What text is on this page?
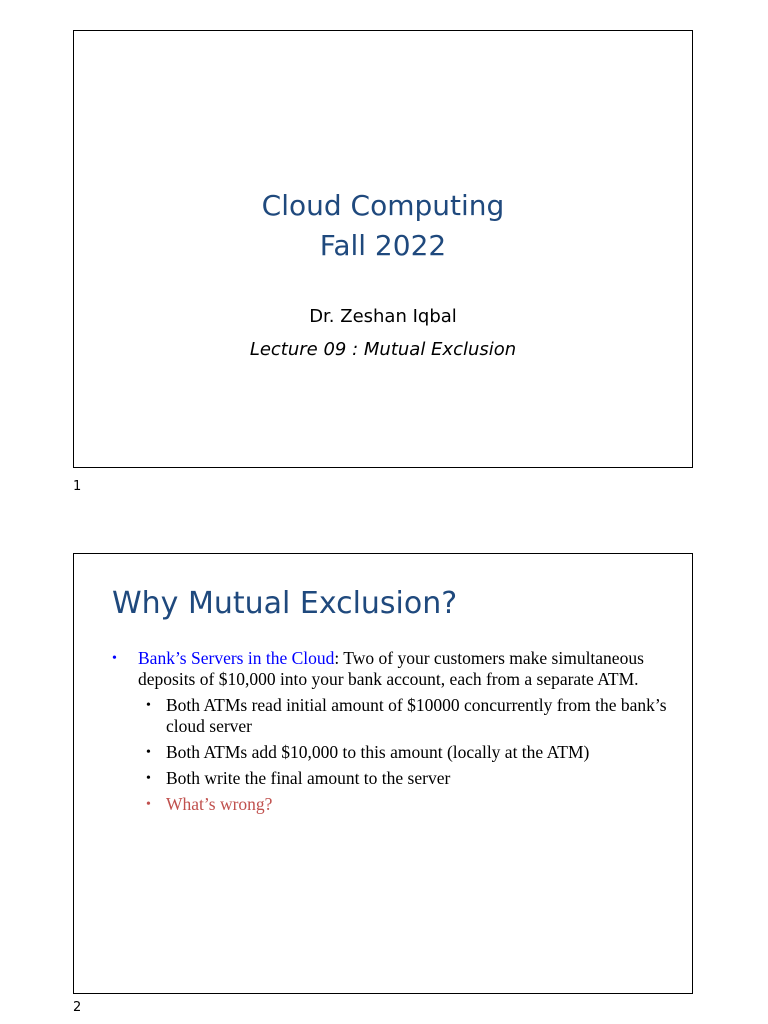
Cloud Computing
Fall 2022
Dr. Zeshan Iqbal
Lecture 09 : Mutual Exclusion
1
Why Mutual Exclusion?
•	Bank’s Servers in the Cloud: Two of your customers make simultaneous deposits of $10,000 into your bank account, each from a separate ATM.
• Both ATMs read initial amount of $10000 concurrently from the bank’s cloud server
• Both ATMs add $10,000 to this amount (locally at the ATM)
• Both write the final amount to the server
• What’s wrong?
2
